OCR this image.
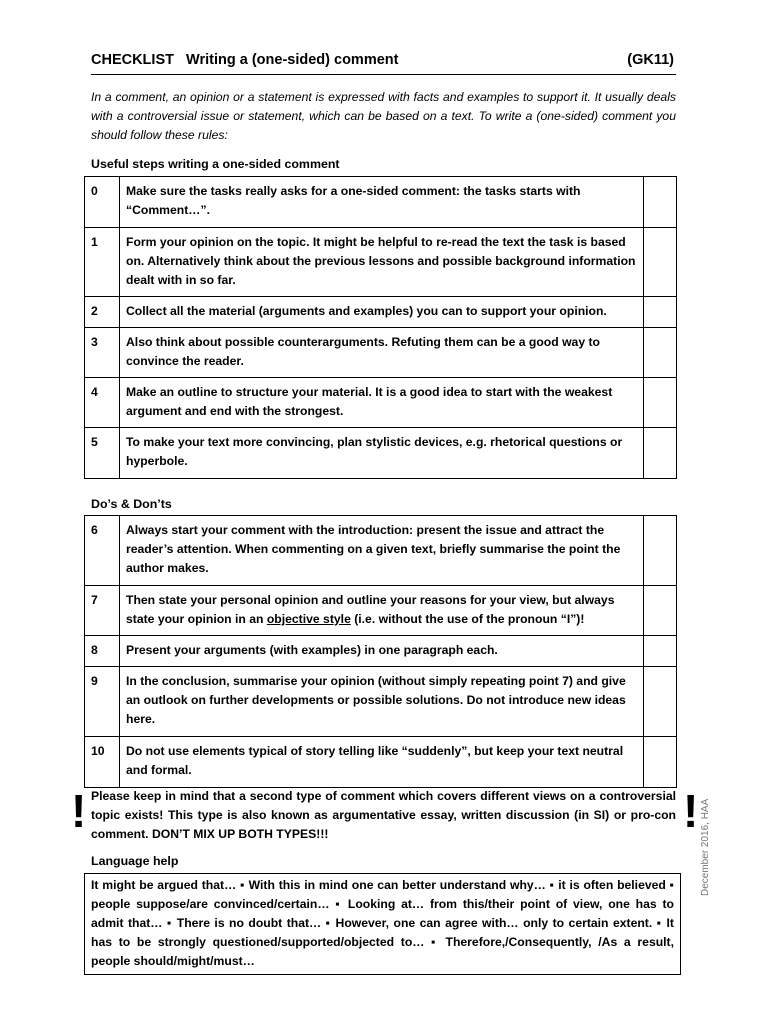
CHECKLIST   Writing a (one-sided) comment	(GK11)
In a comment, an opinion or a statement is expressed with facts and examples to support it. It usually deals with a controversial issue or statement, which can be based on a text. To write a (one-sided) comment you should follow these rules:
Useful steps writing a one-sided comment
0	Make sure the tasks really asks for a one-sided comment: the tasks starts with “Comment…”.	
1	Form your opinion on the topic. It might be helpful to re-read the text the task is based on. Alternatively think about the previous lessons and possible background information dealt with in so far.	
2	Collect all the material (arguments and examples) you can to support your opinion.	
3	Also think about possible counterarguments. Refuting them can be a good way to convince the reader.	
4	Make an outline to structure your material. It is a good idea to start with the weakest argument and end with the strongest.	
5	To make your text more convincing, plan stylistic devices, e.g. rhetorical questions or hyperbole.	
Do’s & Don’ts
6	Always start your comment with the introduction: present the issue and attract the reader’s attention. When commenting on a given text, briefly summarise the point the author makes.	
7	Then state your personal opinion and outline your reasons for your view, but always state your opinion in an objective style (i.e. without the use of the pronoun “I”)!	
8	Present your arguments (with examples) in one paragraph each.	
9	In the conclusion, summarise your opinion (without simply repeating point 7) and give an outlook on further developments or possible solutions. Do not introduce new ideas here.	
10	Do not use elements typical of story telling like “suddenly”, but keep your text neutral and formal.	
!	!
Please keep in mind that a second type of comment which covers different views on a controversial topic exists! This type is also known as argumentative essay, written discussion (in SI) or pro-con comment. DON’T MIX UP BOTH TYPES!!!
Language help
It might be argued that… ▪ With this in mind one can better understand why… ▪ it is often believed ▪ people suppose/are convinced/certain… ▪ Looking at… from this/their point of view, one has to admit that… ▪ There is no doubt that… ▪ However, one can agree with… only to certain extent. ▪ It has to be strongly questioned/supported/objected to… ▪ Therefore,/Consequently, /As a result, people should/might/must…
December 2016, HAA
